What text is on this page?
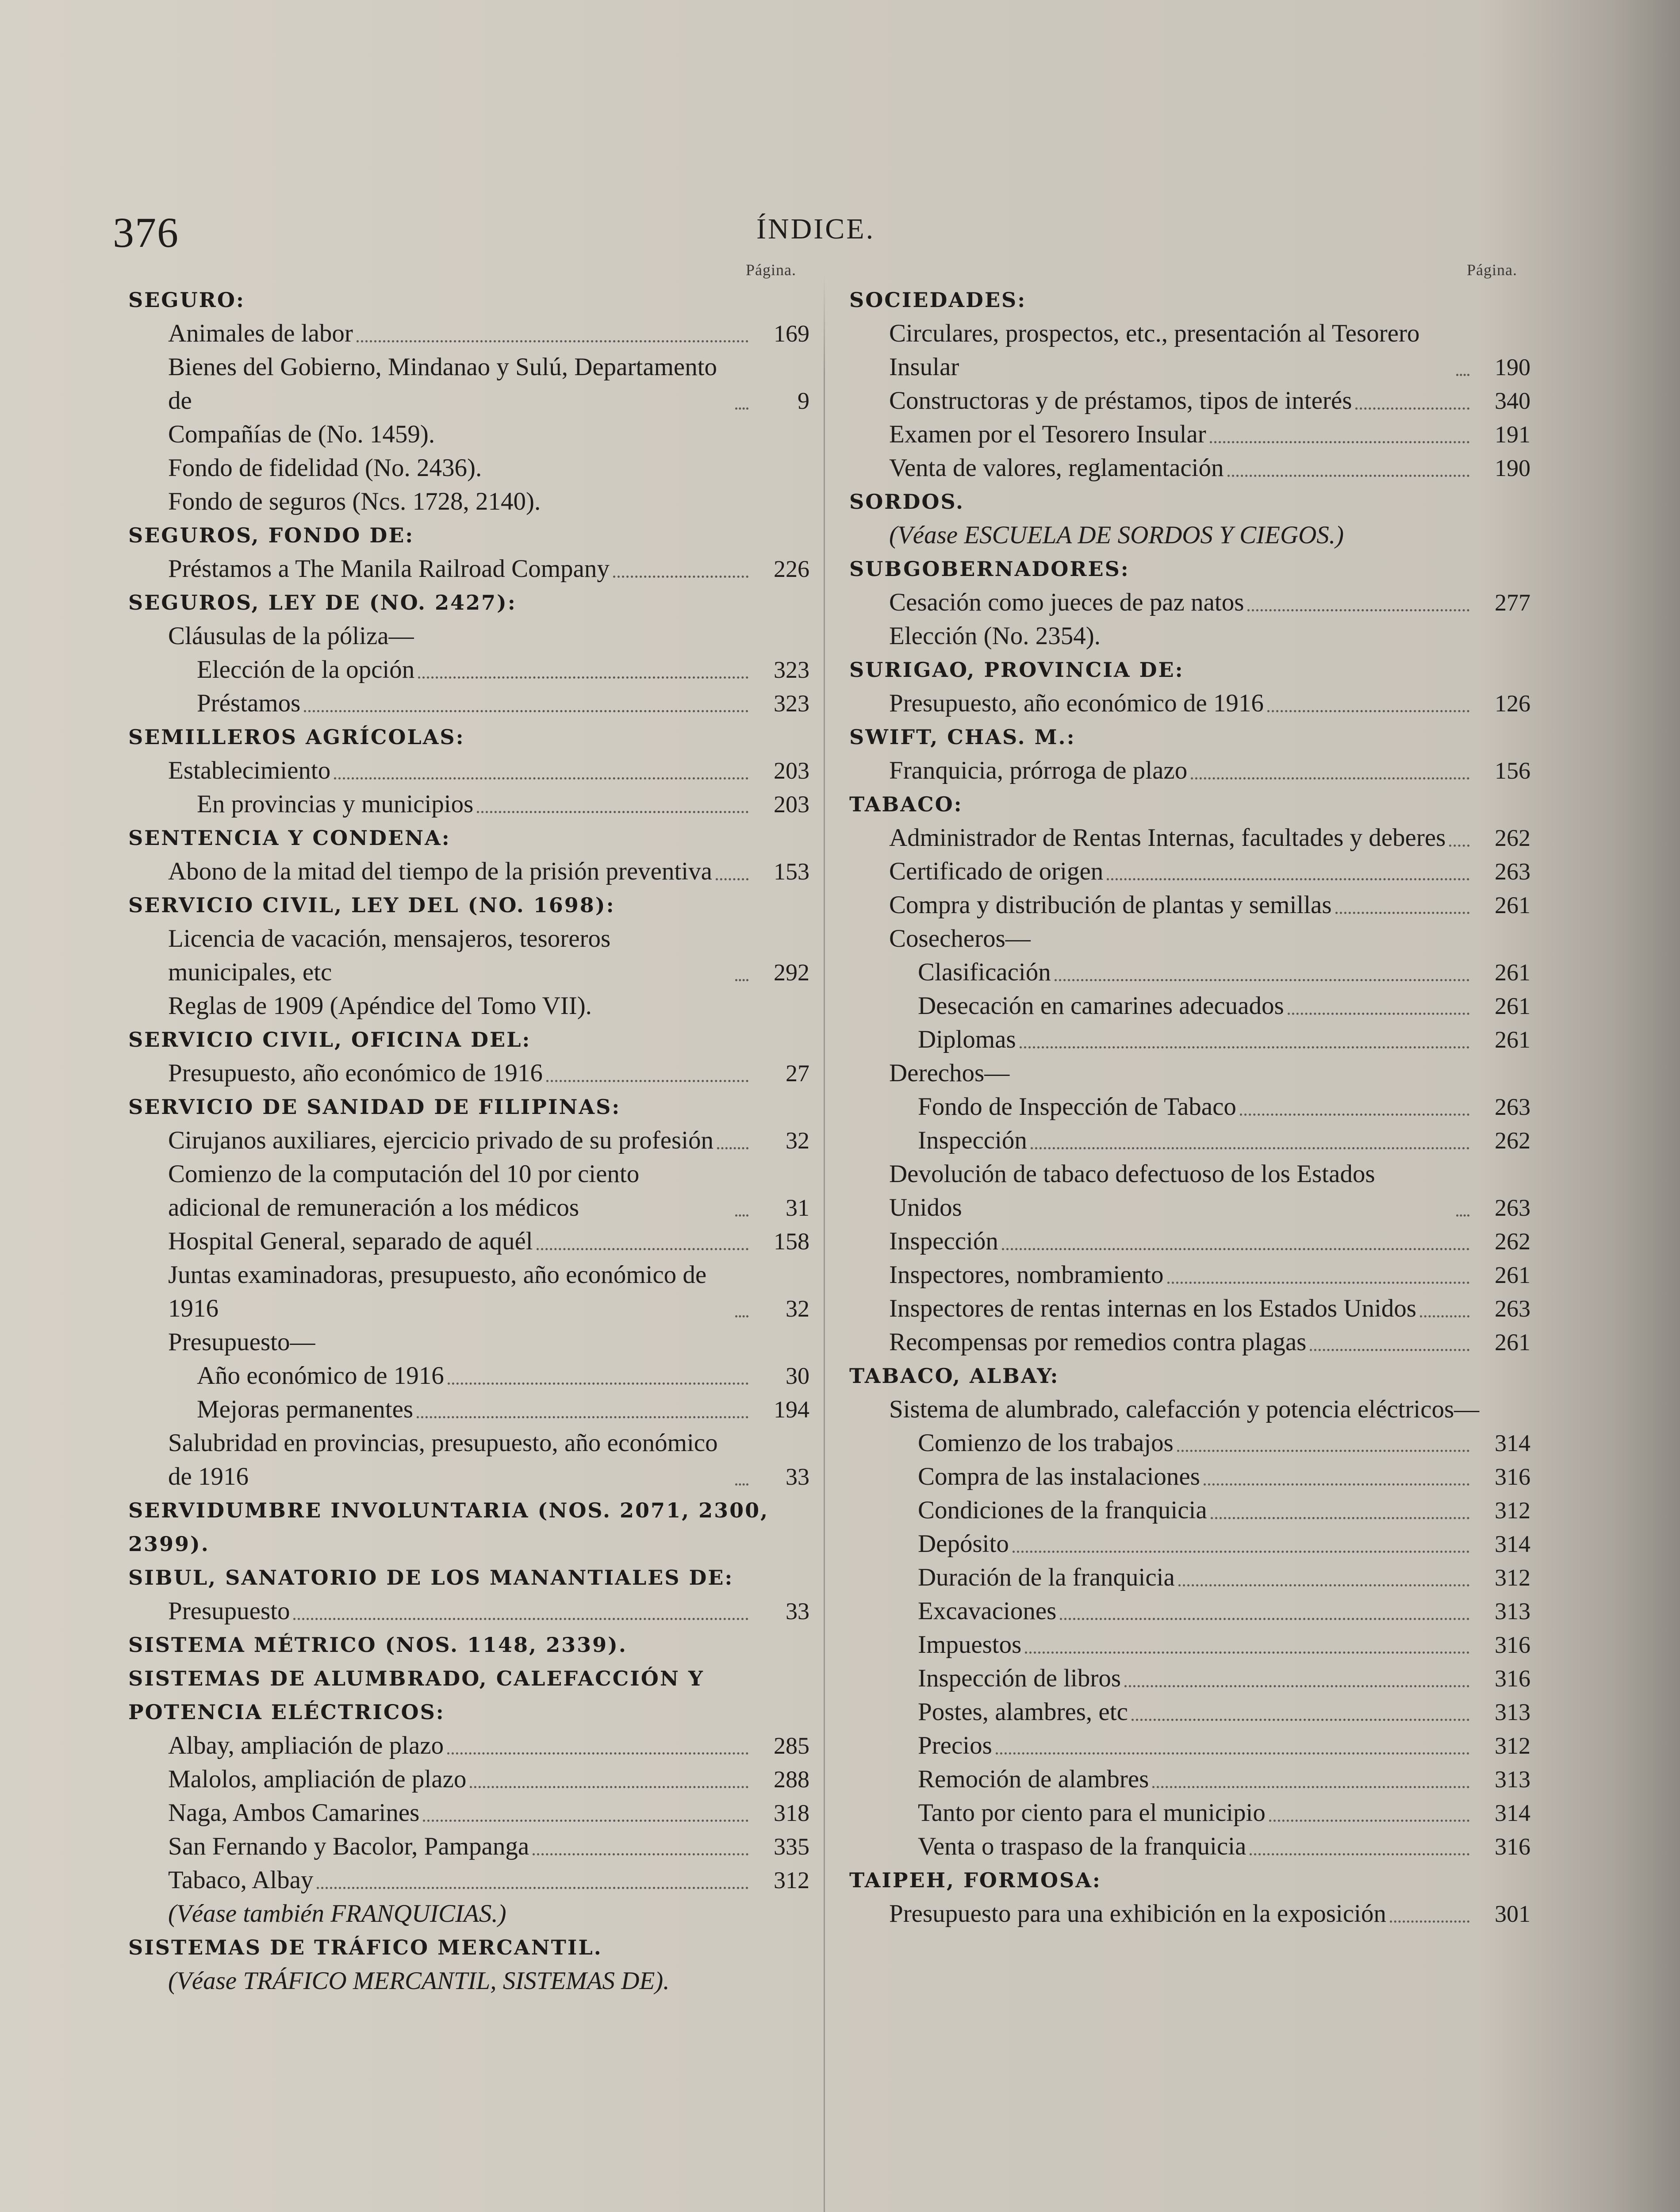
376	ÍNDICE.
Página.
SEGURO:
Animales de labor	169
Bienes del Gobierno, Mindanao y Sulú, Departamento de	9
Compañías de (No. 1459).
Fondo de fidelidad (No. 2436).
Fondo de seguros (Ncs. 1728, 2140).
SEGUROS, FONDO DE:
Préstamos a The Manila Railroad Company	226
SEGUROS, LEY DE (NO. 2427):
Cláusulas de la póliza—
Elección de la opción	323
Préstamos	323
SEMILLEROS AGRÍCOLAS:
Establecimiento	203
En provincias y municipios	203
SENTENCIA Y CONDENA:
Abono de la mitad del tiempo de la prisión preventiva	153
SERVICIO CIVIL, LEY DEL (NO. 1698):
Licencia de vacación, mensajeros, tesoreros municipales, etc	292
Reglas de 1909 (Apéndice del Tomo VII).
SERVICIO CIVIL, OFICINA DEL:
Presupuesto, año económico de 1916	27
SERVICIO DE SANIDAD DE FILIPINAS:
Cirujanos auxiliares, ejercicio privado de su profesión	32
Comienzo de la computación del 10 por ciento adicional de remuneración a los médicos	31
Hospital General, separado de aquél	158
Juntas examinadoras, presupuesto, año económico de 1916	32
Presupuesto—
Año económico de 1916	30
Mejoras permanentes	194
Salubridad en provincias, presupuesto, año económico de 1916	33
SERVIDUMBRE INVOLUNTARIA (NOS. 2071, 2300, 2399).
SIBUL, SANATORIO DE LOS MANANTIALES DE:
Presupuesto	33
SISTEMA MÉTRICO (NOS. 1148, 2339).
SISTEMAS DE ALUMBRADO, CALEFACCIÓN Y POTENCIA ELÉCTRICOS:
Albay, ampliación de plazo	285
Malolos, ampliación de plazo	288
Naga, Ambos Camarines	318
San Fernando y Bacolor, Pampanga	335
Tabaco, Albay	312
(Véase también FRANQUICIAS.)
SISTEMAS DE TRÁFICO MERCANTIL.
(Véase TRÁFICO MERCANTIL, SISTEMAS DE).
Página.
SOCIEDADES:
Circulares, prospectos, etc., presentación al Tesorero Insular	190
Constructoras y de préstamos, tipos de interés	340
Examen por el Tesorero Insular	191
Venta de valores, reglamentación	190
SORDOS.
(Véase ESCUELA DE SORDOS Y CIEGOS.)
SUBGOBERNADORES:
Cesación como jueces de paz natos	277
Elección (No. 2354).
SURIGAO, PROVINCIA DE:
Presupuesto, año económico de 1916	126
SWIFT, CHAS. M.:
Franquicia, prórroga de plazo	156
TABACO:
Administrador de Rentas Internas, facultades y deberes	262
Certificado de origen	263
Compra y distribución de plantas y semillas	261
Cosecheros—
Clasificación	261
Desecación en camarines adecuados	261
Diplomas	261
Derechos—
Fondo de Inspección de Tabaco	263
Inspección	262
Devolución de tabaco defectuoso de los Estados Unidos	263
Inspección	262
Inspectores, nombramiento	261
Inspectores de rentas internas en los Estados Unidos	263
Recompensas por remedios contra plagas	261
TABACO, ALBAY:
Sistema de alumbrado, calefacción y potencia eléctricos—
Comienzo de los trabajos	314
Compra de las instalaciones	316
Condiciones de la franquicia	312
Depósito	314
Duración de la franquicia	312
Excavaciones	313
Impuestos	316
Inspección de libros	316
Postes, alambres, etc	313
Precios	312
Remoción de alambres	313
Tanto por ciento para el municipio	314
Venta o traspaso de la franquicia	316
TAIPEH, FORMOSA:
Presupuesto para una exhibición en la exposición	301
